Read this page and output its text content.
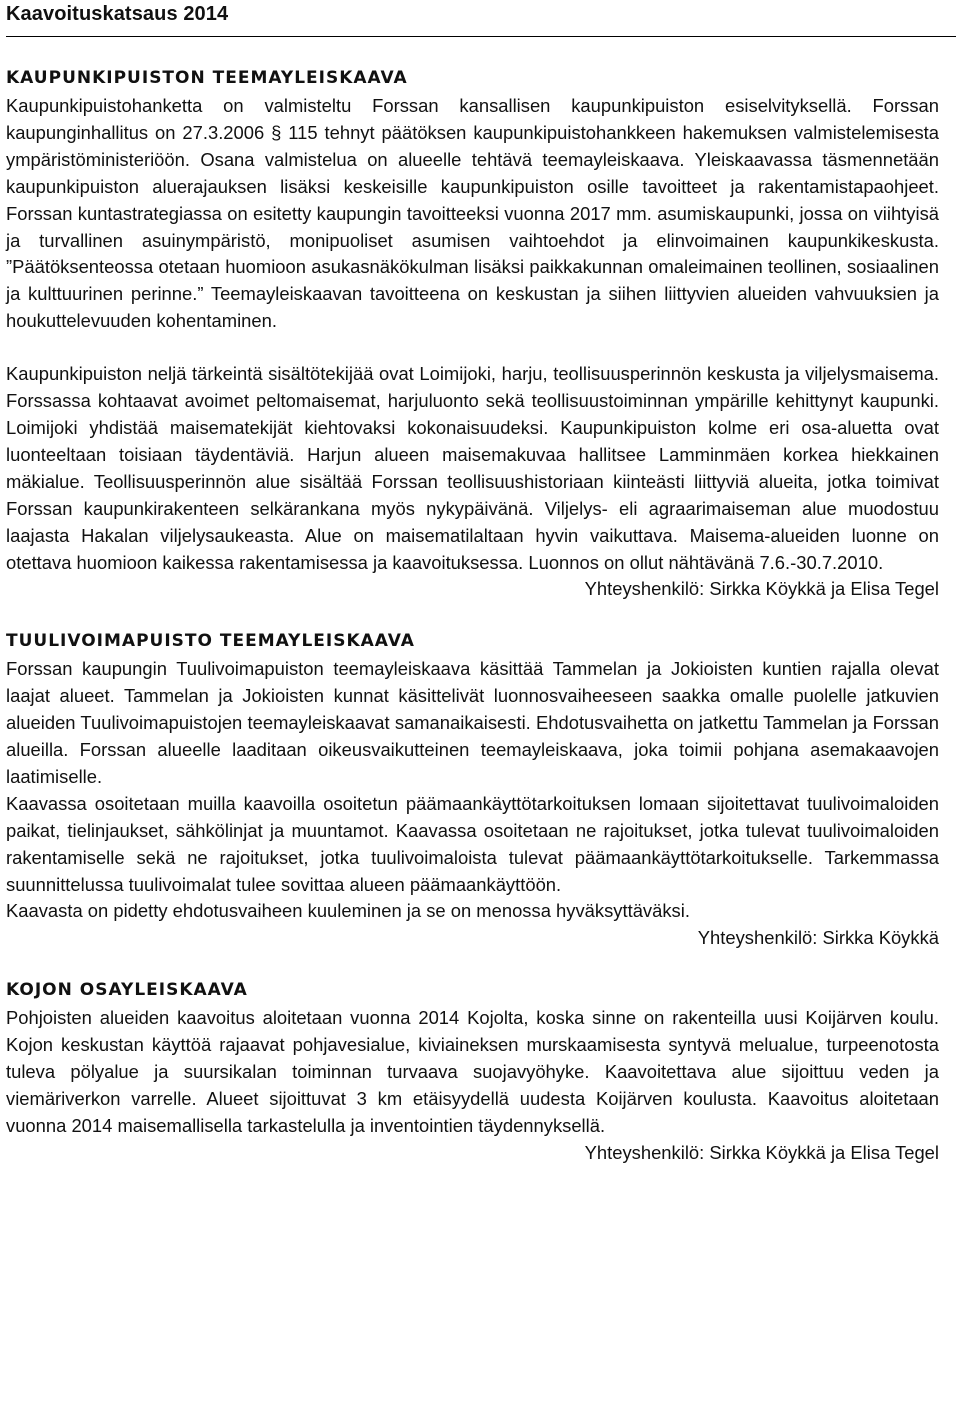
Kaavoituskatsaus 2014
KAUPUNKIPUISTON TEEMAYLEISKAAVA

Kaupunkipuistohanketta on valmisteltu Forssan kansallisen kaupunkipuiston esiselvityksellä. Forssan kaupunginhallitus on 27.3.2006 § 115 tehnyt päätöksen kaupunkipuistohankkeen hakemuksen valmistelemisesta ympäristöministeriöön. Osana valmistelua on alueelle tehtävä teemayleiskaava. Yleiskaavassa täsmennetään kaupunkipuiston aluerajauksen lisäksi keskeisille kaupunkipuiston osille tavoitteet ja rakentamistapaohjeet. Forssan kuntastrategiassa on esitetty kaupungin tavoitteeksi vuonna 2017 mm. asumiskaupunki, jossa on viihtyisä ja turvallinen asuinympäristö, monipuoliset asumisen vaihtoehdot ja elinvoimainen kaupunkikeskusta. ”Päätöksenteossa otetaan huomioon asukasnäkökulman lisäksi paikkakunnan omaleimainen teollinen, sosiaalinen ja kulttuurinen perinne.” Teemayleiskaavan tavoitteena on keskustan ja siihen liittyvien alueiden vahvuuksien ja houkuttelevuuden kohentaminen.

Kaupunkipuiston neljä tärkeintä sisältötekijää ovat Loimijoki, harju, teollisuusperinnön keskusta ja viljelysmaisema. Forssassa kohtaavat avoimet peltomaisemat, harjuluonto sekä teollisuustoiminnan ympärille kehittynyt kaupunki. Loimijoki yhdistää maisematekijät kiehtovaksi kokonaisuudeksi. Kaupunkipuiston kolme eri osa-aluetta ovat luonteeltaan toisiaan täydentäviä. Harjun alueen maisemakuvaa hallitsee Lamminmäen korkea hiekkainen mäkialue. Teollisuusperinnön alue sisältää Forssan teollisuushistoriaan kiinteästi liittyviä alueita, jotka toimivat Forssan kaupunkirakenteen selkärankana myös nykypäivänä. Viljelys- eli agraarimaiseman alue muodostuu laajasta Hakalan viljelysaukeasta. Alue on maisematilaltaan hyvin vaikuttava. Maisema-alueiden luonne on otettava huomioon kaikessa rakentamisessa ja kaavoituksessa. Luonnos on ollut nähtävänä 7.6.-30.7.2010.

Yhteyshenkilö: Sirkka Köykkä ja Elisa Tegel

TUULIVOIMAPUISTO TEEMAYLEISKAAVA

Forssan kaupungin Tuulivoimapuiston teemayleiskaava käsittää Tammelan ja Jokioisten kuntien rajalla olevat laajat alueet. Tammelan ja Jokioisten kunnat käsittelivät luonnosvaiheeseen saakka omalle puolelle jatkuvien alueiden Tuulivoimapuistojen teemayleiskaavat samanaikaisesti. Ehdotusvaihetta on jatkettu Tammelan ja Forssan alueilla. Forssan alueelle laaditaan oikeusvaikutteinen teemayleiskaava, joka toimii pohjana asemakaavojen laatimiselle.

Kaavassa osoitetaan muilla kaavoilla osoitetun päämaankäyttötarkoituksen lomaan sijoitettavat tuulivoimaloiden paikat, tielinjaukset, sähkölinjat ja muuntamot. Kaavassa osoitetaan ne rajoitukset, jotka tulevat tuulivoimaloiden rakentamiselle sekä ne rajoitukset, jotka tuulivoimaloista tulevat päämaankäyttötarkoitukselle. Tarkemmassa suunnittelussa tuulivoimalat tulee sovittaa alueen päämaankäyttöön.

Kaavasta on pidetty ehdotusvaiheen kuuleminen ja se on menossa hyväksyttäväksi.

Yhteyshenkilö: Sirkka Köykkä

KOJON OSAYLEISKAAVA

Pohjoisten alueiden kaavoitus aloitetaan vuonna 2014 Kojolta, koska sinne on rakenteilla uusi Koijärven koulu. Kojon keskustan käyttöä rajaavat pohjavesialue, kiviaineksen murskaamisesta syntyvä melualue, turpeenotosta tuleva pölyalue ja suursikalan toiminnan turvaava suojavyöhyke. Kaavoitettava alue sijoittuu veden ja viemäriverkon varrelle. Alueet sijoittuvat 3 km etäisyydellä uudesta Koijärven koulusta. Kaavoitus aloitetaan vuonna 2014 maisemallisella tarkastelulla ja inventointien täydennyksellä.

Yhteyshenkilö: Sirkka Köykkä ja Elisa Tegel
